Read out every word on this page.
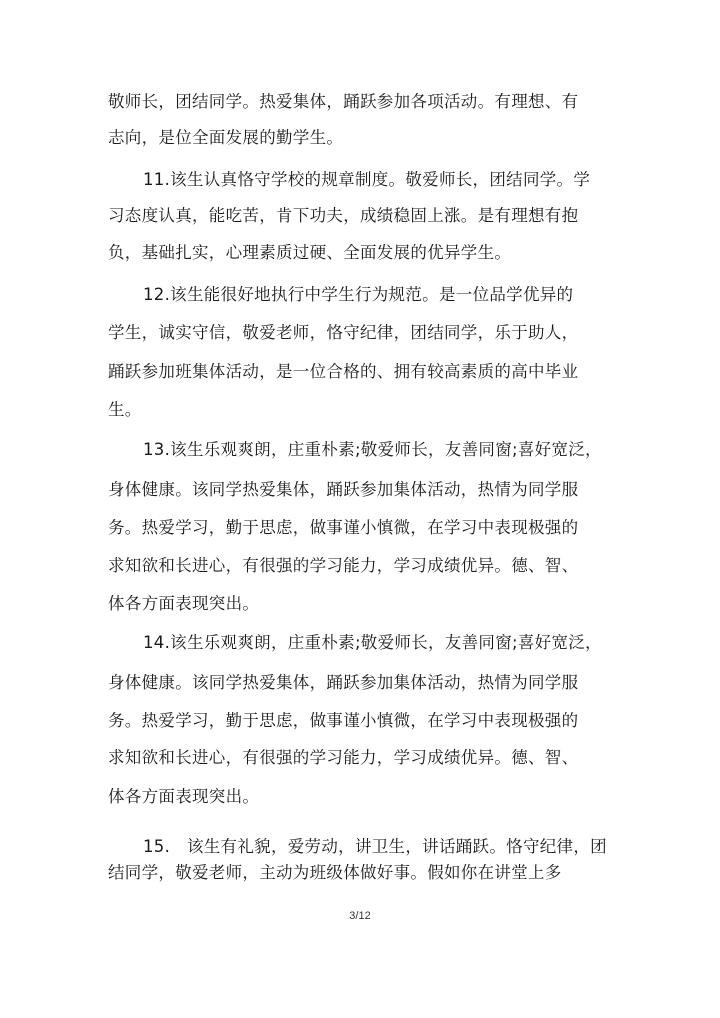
敬师长，团结同学。热爱集体，踊跃参加各项活动。有理想、有
志向，是位全面发展的勤学生。
11.该生认真恪守学校的规章制度。敬爱师长，团结同学。学
习态度认真，能吃苦，肯下功夫，成绩稳固上涨。是有理想有抱
负，基础扎实，心理素质过硬、全面发展的优异学生。
12.该生能很好地执行中学生行为规范。是一位品学优异的
学生，诚实守信，敬爱老师，恪守纪律，团结同学，乐于助人，
踊跃参加班集体活动，是一位合格的、拥有较高素质的高中毕业
生。
13.该生乐观爽朗，庄重朴素;敬爱师长，友善同窗;喜好宽泛，
身体健康。该同学热爱集体，踊跃参加集体活动，热情为同学服
务。热爱学习，勤于思虑，做事谨小慎微，在学习中表现极强的
求知欲和长进心，有很强的学习能力，学习成绩优异。德、智、
体各方面表现突出。
14.该生乐观爽朗，庄重朴素;敬爱师长，友善同窗;喜好宽泛，
身体健康。该同学热爱集体，踊跃参加集体活动，热情为同学服
务。热爱学习，勤于思虑，做事谨小慎微，在学习中表现极强的
求知欲和长进心，有很强的学习能力，学习成绩优异。德、智、
体各方面表现突出。
15.　该生有礼貌，爱劳动，讲卫生，讲话踊跃。恪守纪律，团
结同学，敬爱老师，主动为班级体做好事。假如你在讲堂上多
3/12
